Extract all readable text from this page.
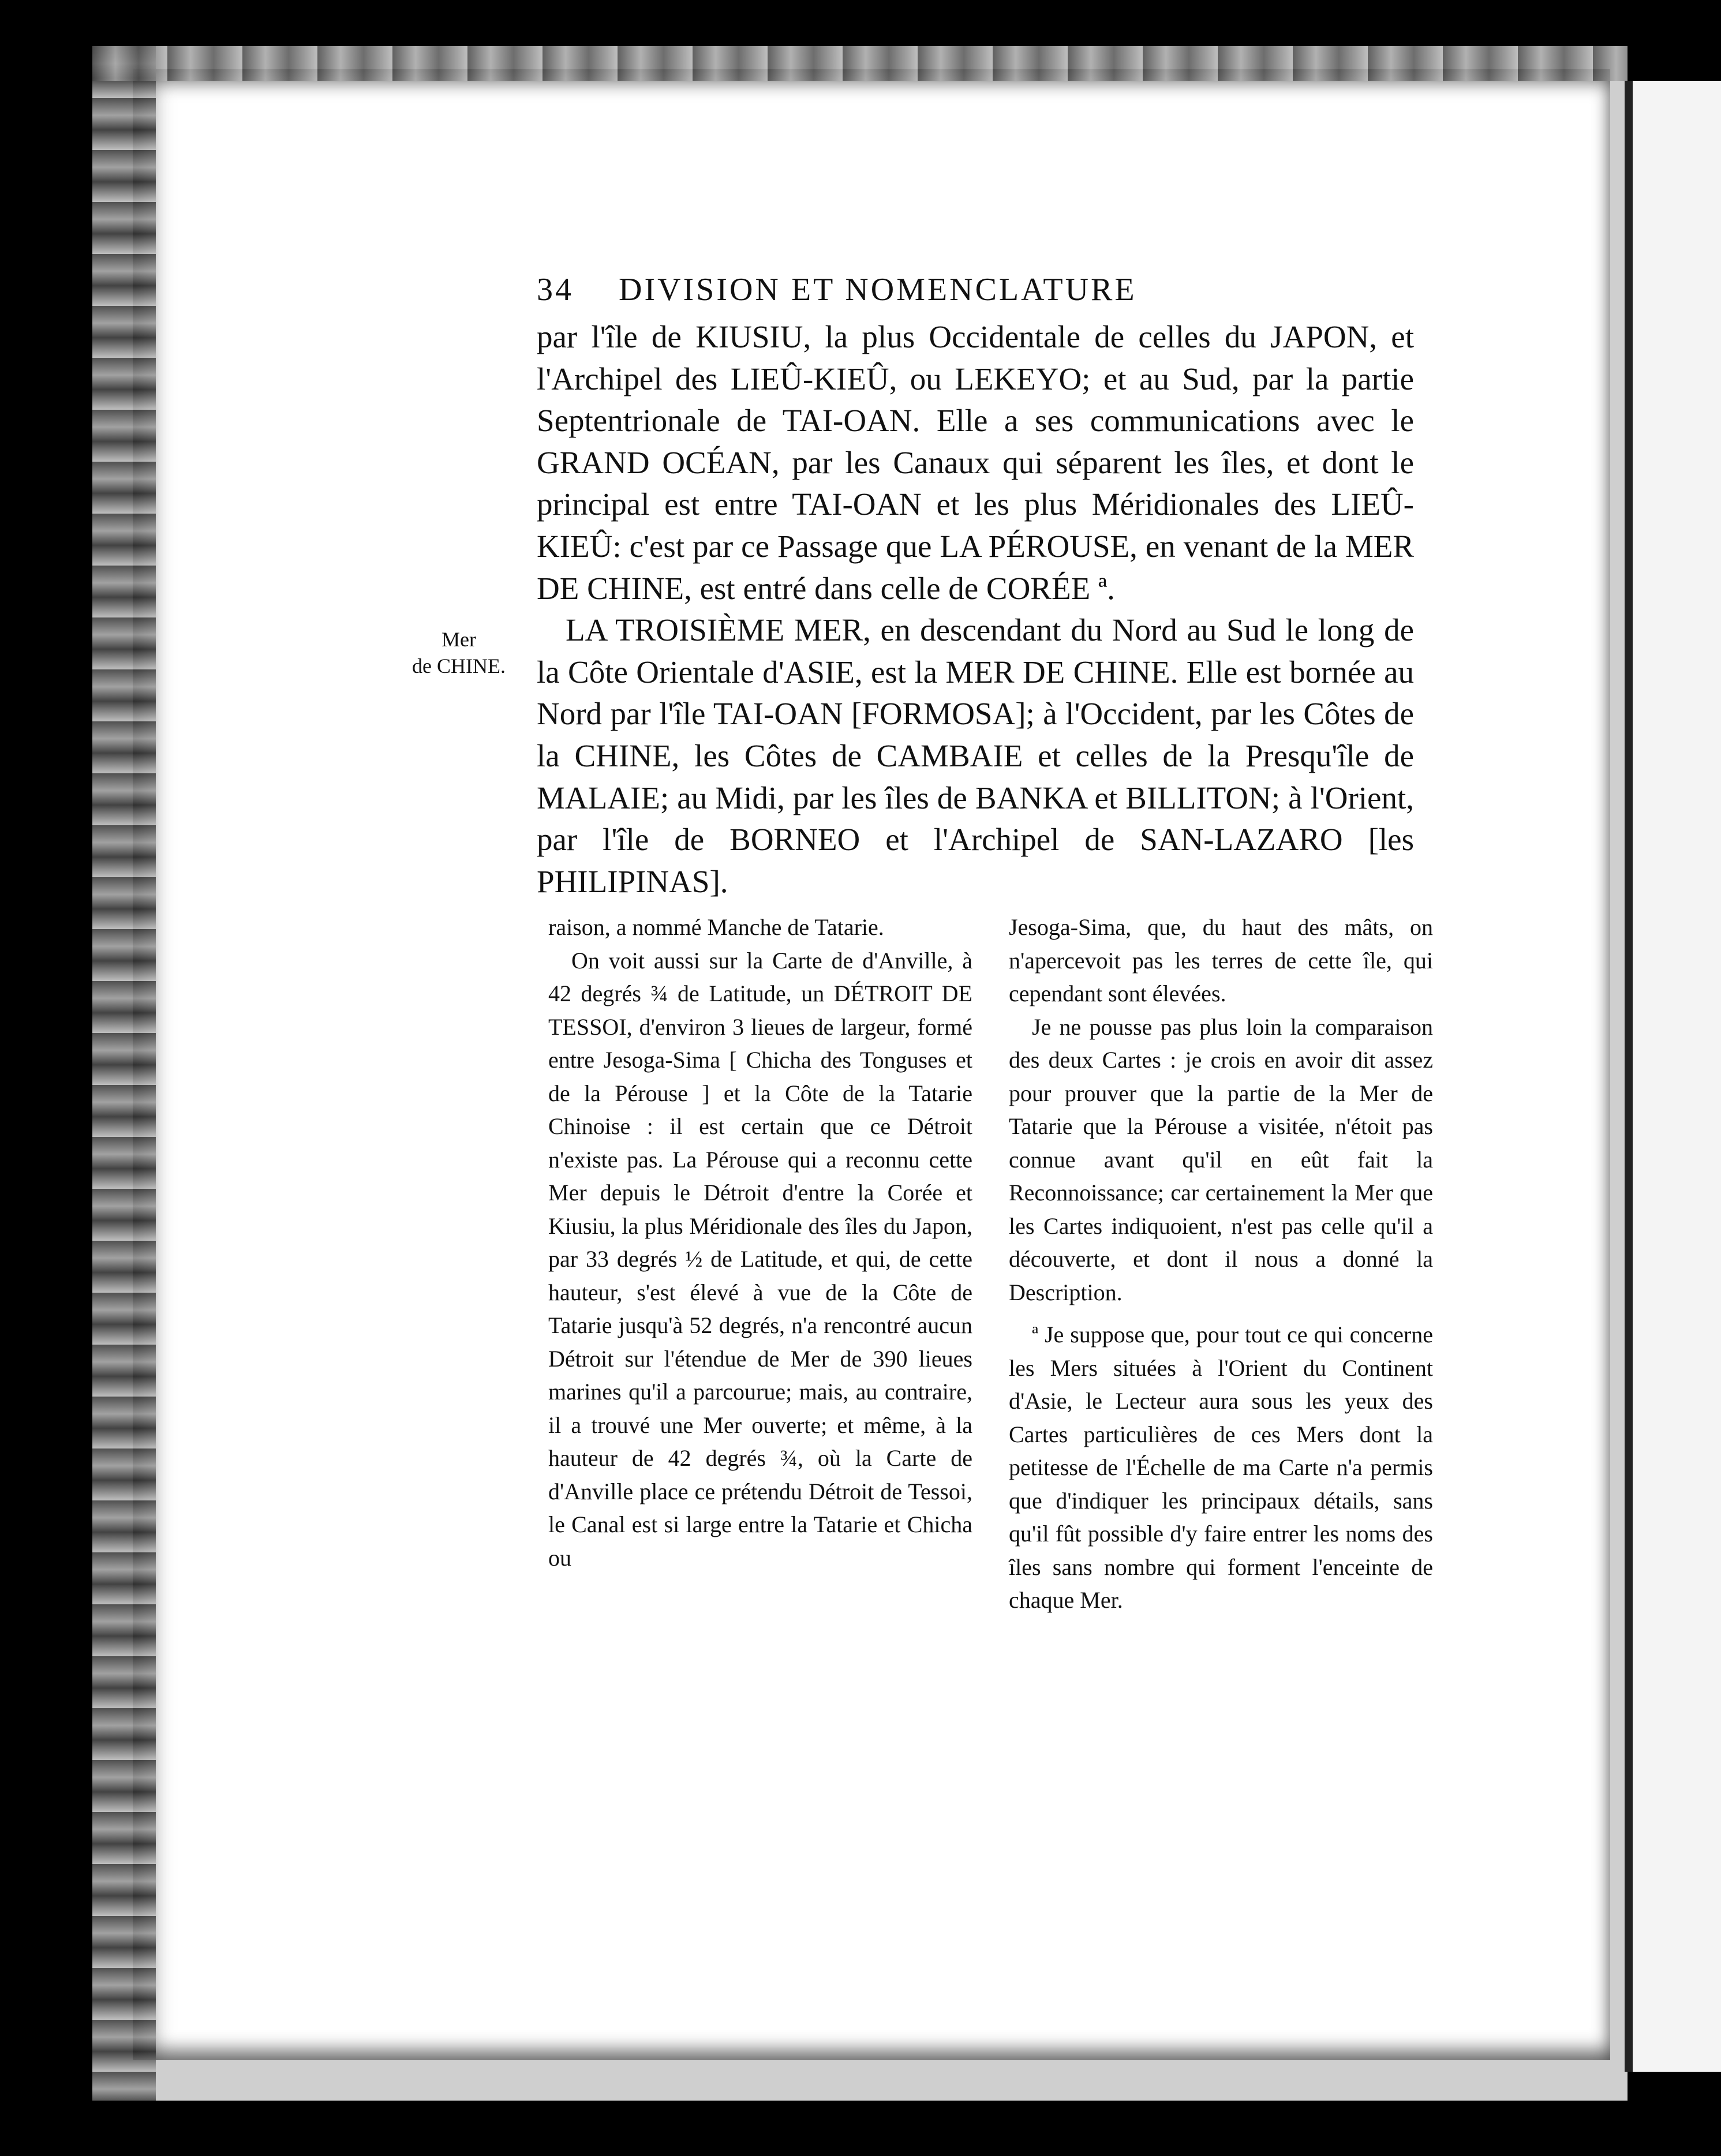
34 DIVISION ET NOMENCLATURE
Mer
de CHINE.

par l'île de KIUSIU, la plus Occidentale de celles du JAPON, et l'Archipel des LIEÛ-KIEÛ, ou LEKEYO; et au Sud, par la partie Septentrionale de TAI-OAN. Elle a ses communications avec le GRAND OCÉAN, par les Canaux qui séparent les îles, et dont le principal est entre TAI-OAN et les plus Méridionales des LIEÛ-KIEÛ: c'est par ce Passage que LA PÉROUSE, en venant de la MER DE CHINE, est entré dans celle de CORÉE ª.

LA TROISIÈME MER, en descendant du Nord au Sud le long de la Côte Orientale d'ASIE, est la MER DE CHINE. Elle est bornée au Nord par l'île TAI-OAN [FORMOSA]; à l'Occident, par les Côtes de la CHINE, les Côtes de CAMBAIE et celles de la Presqu'île de MALAIE; au Midi, par les îles de BANKA et BILLITON; à l'Orient, par l'île de BORNEO et l'Archipel de SAN-LAZARO [les PHILIPINAS].

raison, a nommé Manche de Tatarie.

On voit aussi sur la Carte de d'Anville, à 42 degrés ¾ de Latitude, un DÉTROIT DE TESSOI, d'environ 3 lieues de largeur, formé entre Jesoga-Sima [ Chicha des Tonguses et de la Pérouse ] et la Côte de la Tatarie Chinoise : il est certain que ce Détroit n'existe pas. La Pérouse qui a reconnu cette Mer depuis le Détroit d'entre la Corée et Kiusiu, la plus Méridionale des îles du Japon, par 33 degrés ½ de Latitude, et qui, de cette hauteur, s'est élevé à vue de la Côte de Tatarie jusqu'à 52 degrés, n'a rencontré aucun Détroit sur l'étendue de Mer de 390 lieues marines qu'il a parcourue; mais, au contraire, il a trouvé une Mer ouverte; et même, à la hauteur de 42 degrés ¾, où la Carte de d'Anville place ce prétendu Détroit de Tessoi, le Canal est si large entre la Tatarie et Chicha ou

Jesoga-Sima, que, du haut des mâts, on n'apercevoit pas les terres de cette île, qui cependant sont élevées.

Je ne pousse pas plus loin la comparaison des deux Cartes : je crois en avoir dit assez pour prouver que la partie de la Mer de Tatarie que la Pérouse a visitée, n'étoit pas connue avant qu'il en eût fait la Reconnoissance; car certainement la Mer que les Cartes indiquoient, n'est pas celle qu'il a découverte, et dont il nous a donné la Description.

ª Je suppose que, pour tout ce qui concerne les Mers situées à l'Orient du Continent d'Asie, le Lecteur aura sous les yeux des Cartes particulières de ces Mers dont la petitesse de l'Échelle de ma Carte n'a permis que d'indiquer les principaux détails, sans qu'il fût possible d'y faire entrer les noms des îles sans nombre qui forment l'enceinte de chaque Mer.
